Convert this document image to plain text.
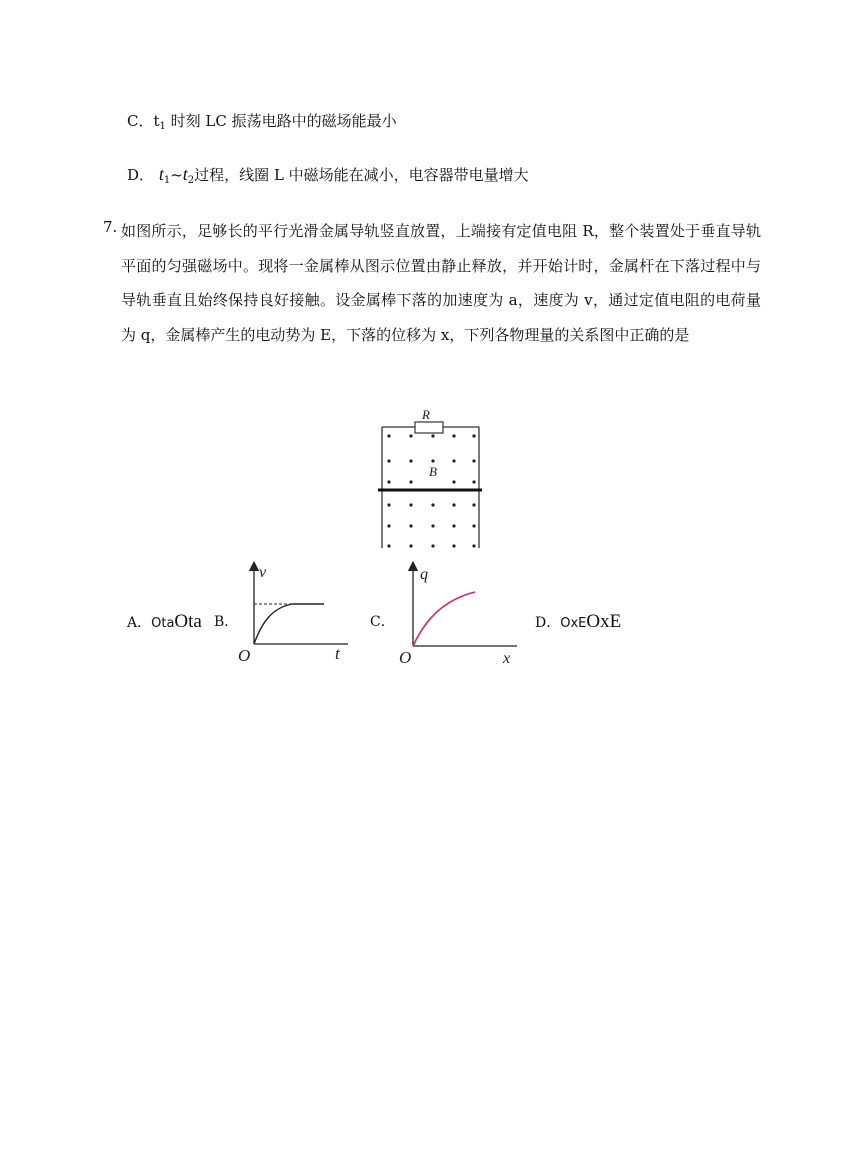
C．$t_1$ 时刻 LC 振荡电路中的磁场能最小
D． $t_1\sim t_2$过程，线圈 L 中磁场能在减小，电容器带电量增大
7. 如图所示，足够长的平行光滑金属导轨竖直放置，上端接有定值电阻 R，整个装置处于垂直导轨平面的匀强磁场中。现将一金属棒从图示位置由静止释放，并开始计时，金属杆在下落过程中与导轨垂直且始终保持良好接触。设金属棒下落的加速度为 a，速度为 v，通过定值电阻的电荷量为 q，金属棒产生的电动势为 E，下落的位移为 x，下列各物理量的关系图中正确的是
R
B
A．OtaOta B．
v
t
O
C．
q
x
O
D．OxEOxE
